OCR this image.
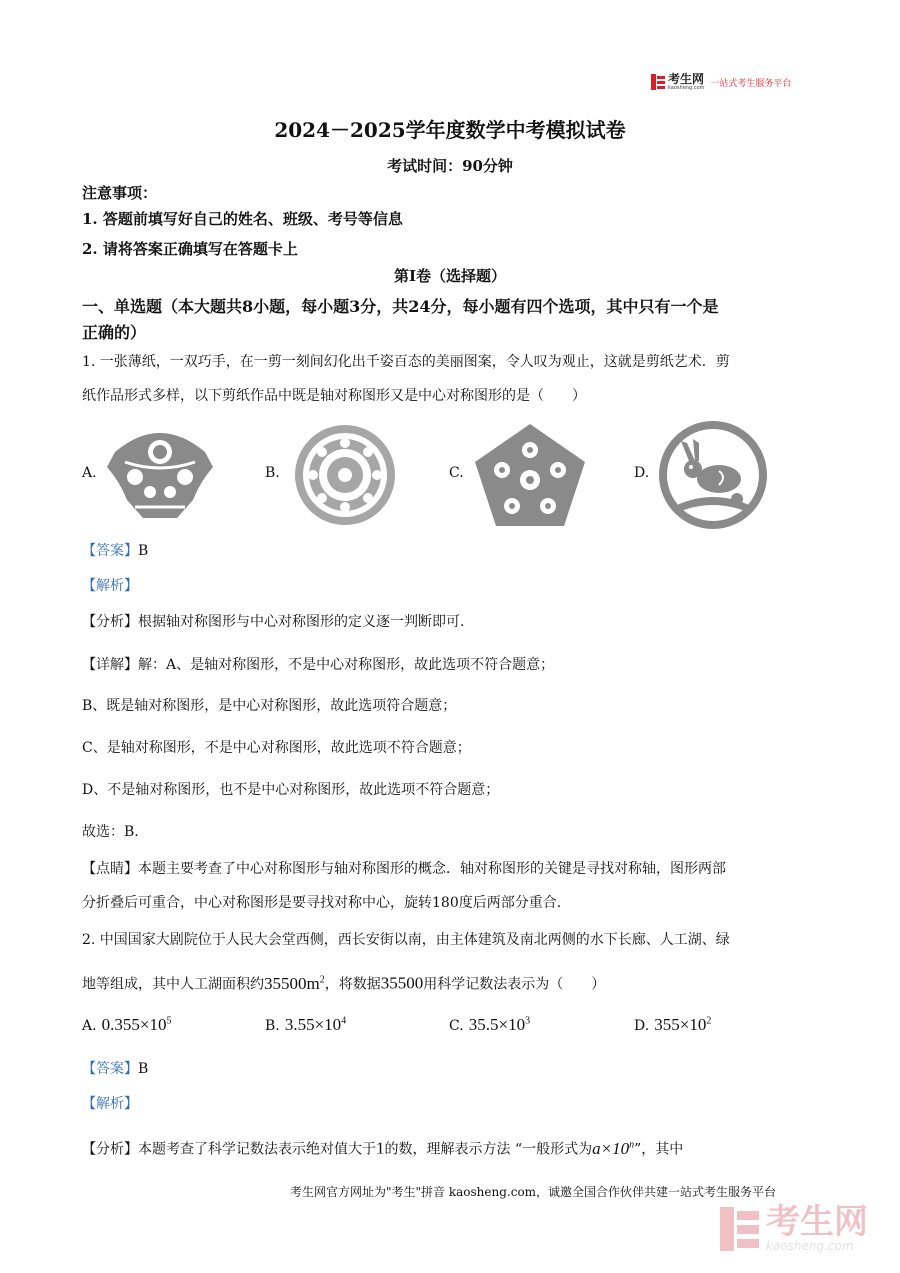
考生网
kaosheng.com 一站式考生服务平台
2024－2025学年度数学中考模拟试卷
考试时间：90分钟
注意事项：
1. 答题前填写好自己的姓名、班级、考号等信息
2. 请将答案正确填写在答题卡上
第I卷（选择题）
一、单选题（本大题共8小题，每小题3分，共24分，每小题有四个选项，其中只有一个是
正确的）
1. 一张薄纸，一双巧手，在一剪一刻间幻化出千姿百态的美丽图案，令人叹为观止，这就是剪纸艺术．剪
纸作品形式多样，以下剪纸作品中既是轴对称图形又是中心对称图形的是（　　）
A.	B.	C.	D.
【答案】B
【解析】
【分析】根据轴对称图形与中心对称图形的定义逐一判断即可.
【详解】解：A、是轴对称图形，不是中心对称图形，故此选项不符合题意；
B、既是轴对称图形，是中心对称图形，故此选项符合题意；
C、是轴对称图形，不是中心对称图形，故此选项不符合题意；
D、不是轴对称图形，也不是中心对称图形，故此选项不符合题意；
故选：B.
【点睛】本题主要考查了中心对称图形与轴对称图形的概念．轴对称图形的关键是寻找对称轴，图形两部
分折叠后可重合，中心对称图形是要寻找对称中心，旋转180度后两部分重合.
2. 中国国家大剧院位于人民大会堂西侧，西长安街以南，由主体建筑及南北两侧的水下长廊、人工湖、绿
地等组成，其中人工湖面积约$35500m^2$，将数据35500用科学记数法表示为（　　）
A. $0.355\times 10^5$	B. $3.55\times 10^4$	C. $35.5\times 10^3$	D. $355\times 10^2$
【答案】B
【解析】
【分析】本题考查了科学记数法表示绝对值大于1的数，理解表示方法 “一般形式为$a\times 10^n$”，其中
考生网官方网址为"考生"拼音 kaosheng.com，诚邀全国合作伙伴共建一站式考生服务平台
考生网
kaosheng.com
